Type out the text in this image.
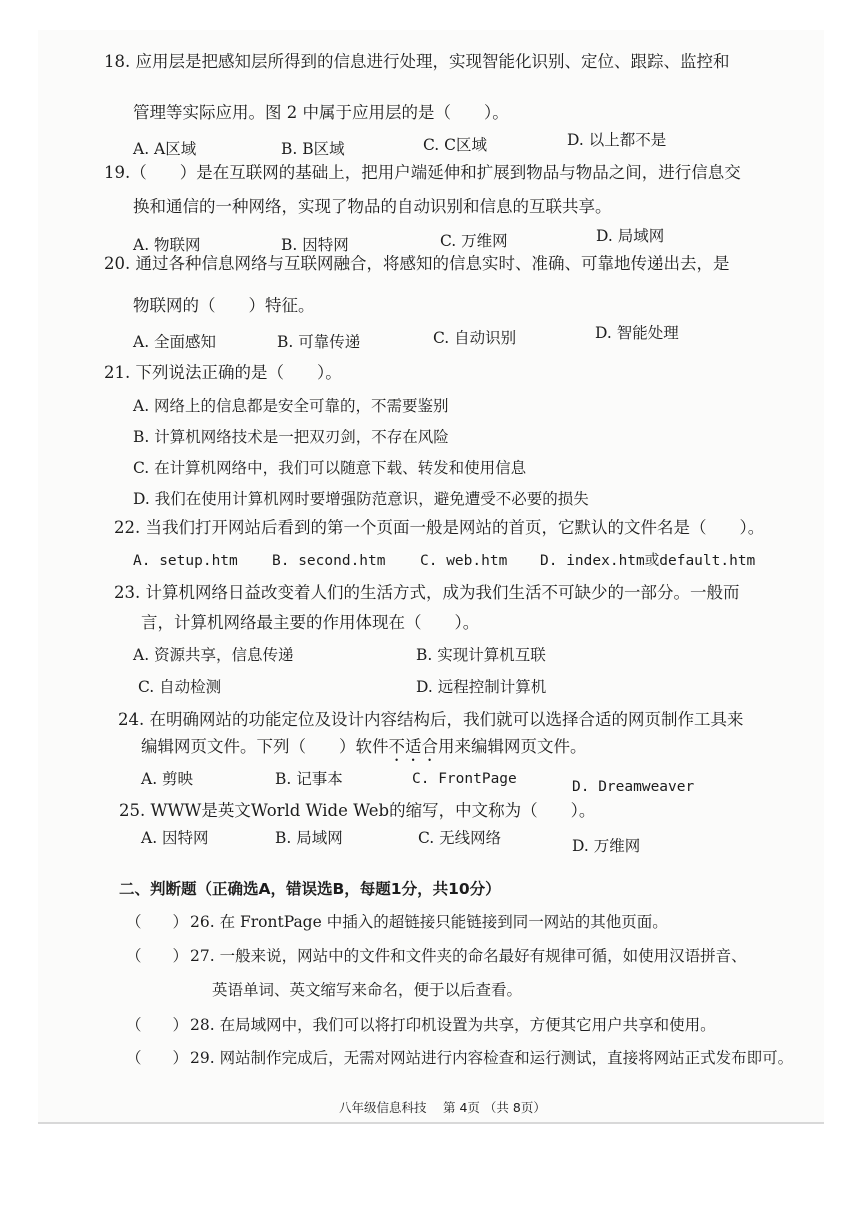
18. 应用层是把感知层所得到的信息进行处理，实现智能化识别、定位、跟踪、监控和
管理等实际应用。图 2 中属于应用层的是（　　）。
A. A区域	B. B区域	C. C区域	D. 以上都不是
19.（　　）是在互联网的基础上，把用户端延伸和扩展到物品与物品之间，进行信息交
换和通信的一种网络，实现了物品的自动识别和信息的互联共享。
A. 物联网	B. 因特网	C. 万维网	D. 局域网
20. 通过各种信息网络与互联网融合，将感知的信息实时、准确、可靠地传递出去，是
物联网的（　　）特征。
A. 全面感知	B. 可靠传递	C. 自动识别	D. 智能处理
21. 下列说法正确的是（　　）。
A. 网络上的信息都是安全可靠的，不需要鉴别
B. 计算机网络技术是一把双刃剑，不存在风险
C. 在计算机网络中，我们可以随意下载、转发和使用信息
D. 我们在使用计算机网时要增强防范意识，避免遭受不必要的损失
22. 当我们打开网站后看到的第一个页面一般是网站的首页，它默认的文件名是（　　）。
A. setup.htm B. second.htm C. web.htm D. index.htm或default.htm
23. 计算机网络日益改变着人们的生活方式，成为我们生活不可缺少的一部分。一般而
言，计算机网络最主要的作用体现在（　　）。
A. 资源共享，信息传递	B. 实现计算机互联
C. 自动检测	D. 远程控制计算机
24. 在明确网站的功能定位及设计内容结构后，我们就可以选择合适的网页制作工具来
编辑网页文件。下列（　　）软件不适合用来编辑网页文件。
A. 剪映	B. 记事本	C. FrontPage	D. Dreamweaver
25. WWW是英文World Wide Web的缩写，中文称为（　　）。
A. 因特网	B. 局域网	C. 无线网络	D. 万维网
二、判断题（正确选A，错误选B，每题1分，共10分）
（　　） 26. 在 FrontPage 中插入的超链接只能链接到同一网站的其他页面。
（　　） 27. 一般来说，网站中的文件和文件夹的命名最好有规律可循，如使用汉语拼音、
英语单词、英文缩写来命名，便于以后查看。
（　　） 28. 在局域网中，我们可以将打印机设置为共享，方便其它用户共享和使用。
（　　） 29. 网站制作完成后，无需对网站进行内容检查和运行测试，直接将网站正式发布即可。
八年级信息科技 第 4页 （共 8页）
